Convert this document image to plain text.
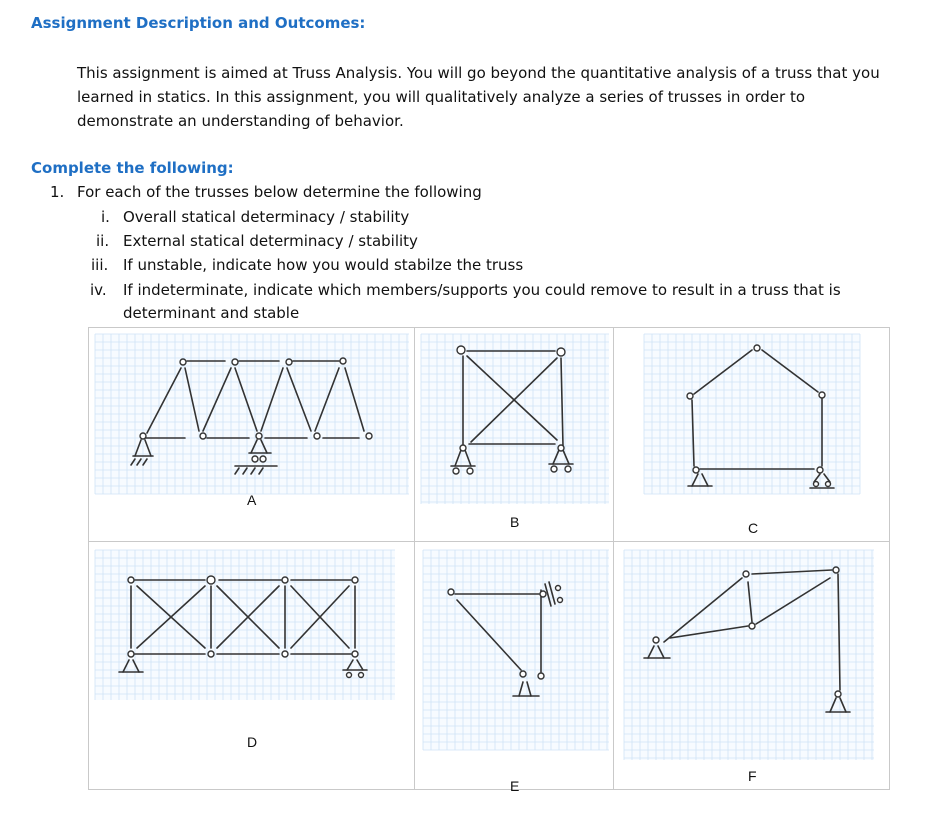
Assignment Description and Outcomes:
This assignment is aimed at Truss Analysis. You will go beyond the quantitative analysis of a truss that you learned in statics. In this assignment, you will qualitatively analyze a series of trusses in order to demonstrate an understanding of behavior.
Complete the following:
1. For each of the trusses below determine the following
i. Overall statical determinacy / stability
ii. External statical determinacy / stability
iii. If unstable, indicate how you would stabilze the truss
iv. If indeterminate, indicate which members/supports you could remove to result in a truss that is
determinant and stable
A
B	C
D
E
F
